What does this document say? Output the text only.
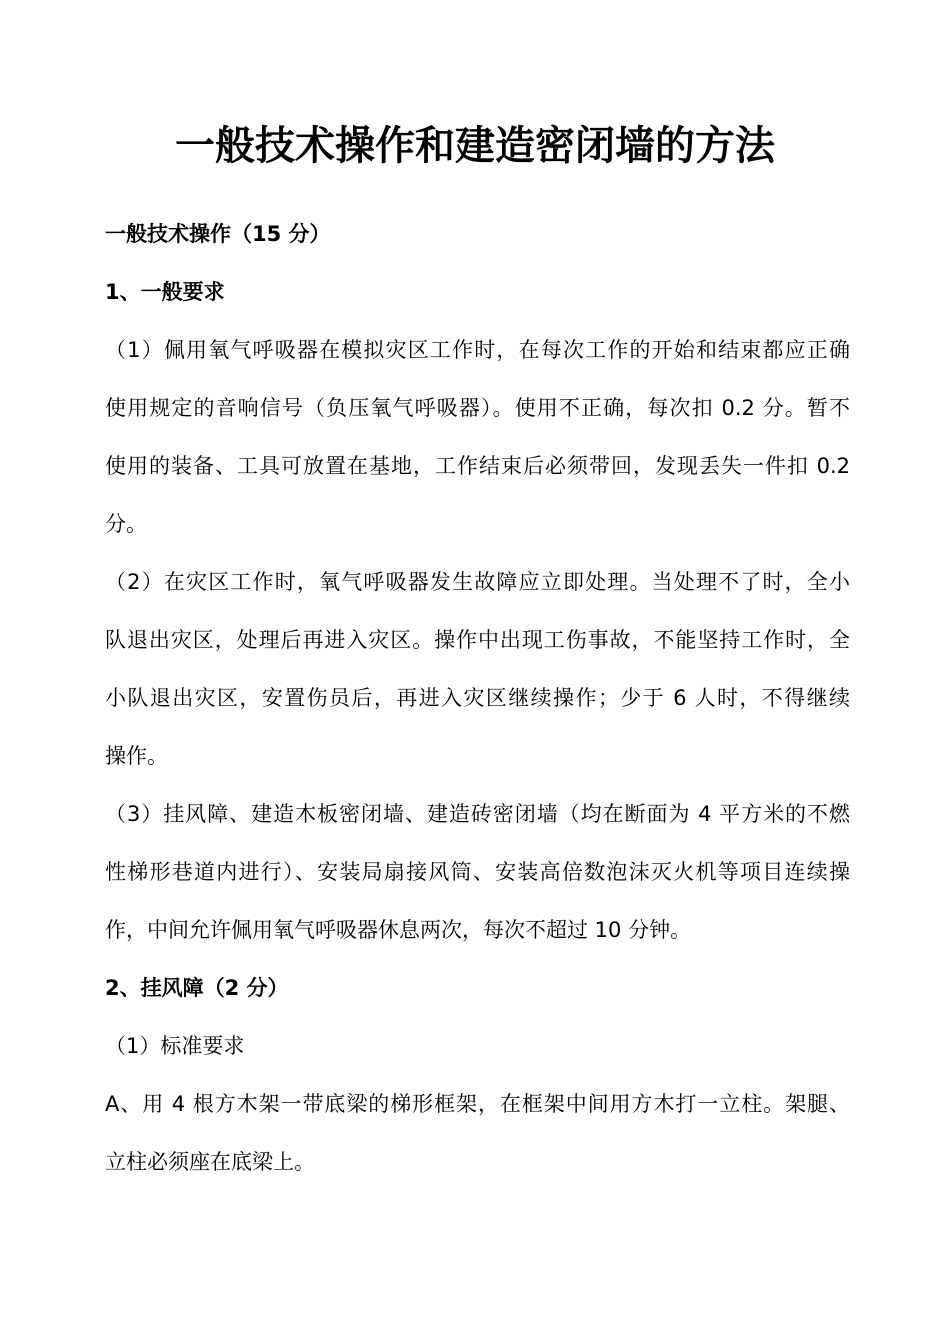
一般技术操作和建造密闭墙的方法
一般技术操作（15 分）
1、一般要求
（1）佩用氧气呼吸器在模拟灾区工作时，在每次工作的开始和结束都应正确
使用规定的音响信号（负压氧气呼吸器）。使用不正确，每次扣 0.2 分。暂不
使用的装备、工具可放置在基地，工作结束后必须带回，发现丢失一件扣 0.2
分。
（2）在灾区工作时，氧气呼吸器发生故障应立即处理。当处理不了时，全小
队退出灾区，处理后再进入灾区。操作中出现工伤事故，不能坚持工作时，全
小队退出灾区，安置伤员后，再进入灾区继续操作；少于 6 人时，不得继续
操作。
（3）挂风障、建造木板密闭墙、建造砖密闭墙（均在断面为 4 平方米的不燃
性梯形巷道内进行）、安装局扇接风筒、安装高倍数泡沫灭火机等项目连续操
作，中间允许佩用氧气呼吸器休息两次，每次不超过 10 分钟。
2、挂风障（2 分）
（1）标准要求
A、用 4 根方木架一带底梁的梯形框架，在框架中间用方木打一立柱。架腿、
立柱必须座在底梁上。
